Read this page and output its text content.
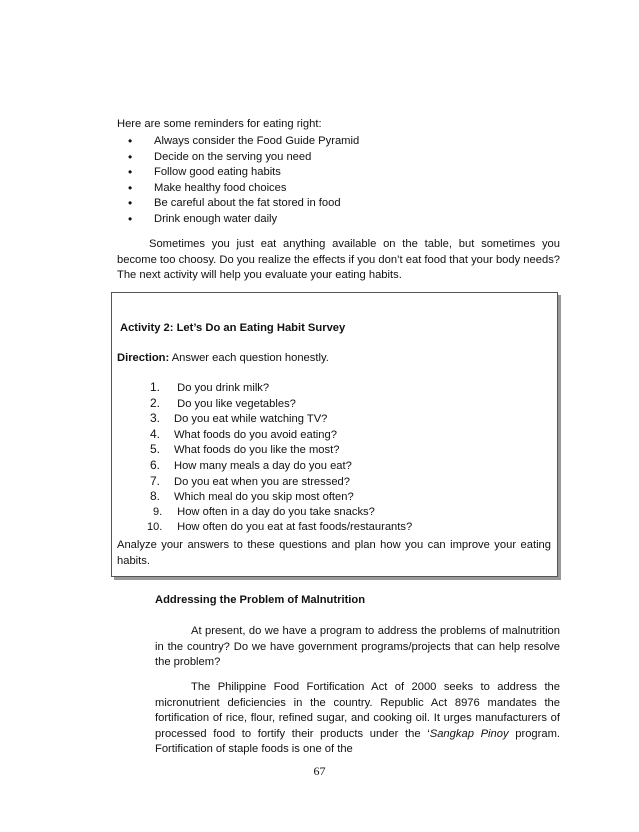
Here are some reminders for eating right:
• Always consider the Food Guide Pyramid
• Decide on the serving you need
• Follow good eating habits
• Make healthy food choices
• Be careful about the fat stored in food
• Drink enough water daily
Sometimes you just eat anything available on the table, but sometimes you become too choosy. Do you realize the effects if you don’t eat food that your body needs? The next activity will help you evaluate your eating habits.
Activity 2: Let’s Do an Eating Habit Survey
Direction: Answer each question honestly.
1. Do you drink milk?
2. Do you like vegetables?
3. Do you eat while watching TV?
4. What foods do you avoid eating?
5. What foods do you like the most?
6. How many meals a day do you eat?
7. Do you eat when you are stressed?
8. Which meal do you skip most often?
9. How often in a day do you take snacks?
10. How often do you eat at fast foods/restaurants?
Analyze your answers to these questions and plan how you can improve your eating habits.
Addressing the Problem of Malnutrition
At present, do we have a program to address the problems of malnutrition in the country? Do we have government programs/projects that can help resolve the problem?
The Philippine Food Fortification Act of 2000 seeks to address the micronutrient deficiencies in the country. Republic Act 8976 mandates the fortification of rice, flour, refined sugar, and cooking oil. It urges manufacturers of processed food to fortify their products under the ‘Sangkap Pinoy program. Fortification of staple foods is one of the
67
